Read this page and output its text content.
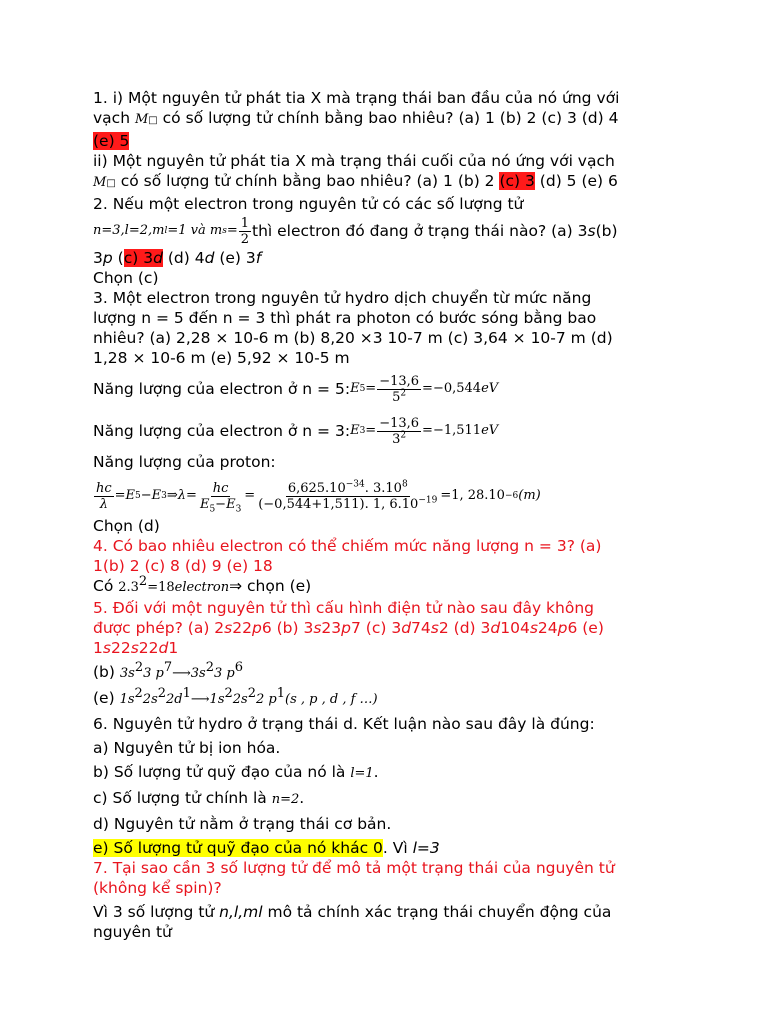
1. i) Một nguyên tử phát tia X mà trạng thái ban đầu của nó ứng với

vạch M□ có số lượng tử chính bằng bao nhiêu? (a) 1 (b) 2 (c) 3 (d) 4

(e) 5

ii) Một nguyên tử phát tia X mà trạng thái cuối của nó ứng với vạch

M□ có số lượng tử chính bằng bao nhiêu? (a) 1 (b) 2 (c) 3 (d) 5 (e) 6

2. Nếu một electron trong nguyên tử có các số lượng tử

n=3,l=2,m l =1 và m $s = \frac{1}{2}$ thì electron đó đang ở trạng thái nào? (a) 3 s (b)

3p (c) 3d (d) 4d (e) 3f

Chọn (c)

3. Một electron trong nguyên tử hydro dịch chuyển từ mức năng

lượng n = 5 đến n = 3 thì phát ra photon có bước sóng bằng bao

nhiêu? (a) 2,28 × 10-6 m (b) 8,20 ×3 10-7 m (c) 3,64 × 10-7 m (d)

1,28 × 10-6 m (e) 5,92 × 10-5 m

Năng lượng của electron ở n = 5: E $5 = \frac{-13,6}{5^2} =-0,544$ eV

Năng lượng của electron ở n = 3: E $3 = \frac{-13,6}{3^2} =-1,511$ eV

Năng lượng của proton:

$\frac{hc}{\lambda} =E$ 5 −E 3 ⇒λ= $\frac{hc}{E_5-E_3} = \frac{6,625.10^{-34}. 3.10^8}{(-0,544+1,511). 1, 6.10^{-19}} =1$, 28.10 −6 (m)

Chọn (d)

4. Có bao nhiêu electron có thể chiếm mức năng lượng n = 3? (a)

1(b) 2 (c) 8 (d) 9 (e) 18

Có $2.3^2=18electron\Rightarrow$ chọn (e)

5. Đối với một nguyên tử thì cấu hình điện tử nào sau đây không

được phép? (a) 2s22p6 (b) 3s23p7 (c) 3d74s2 (d) 3d104s24p6 (e)

1s22s22d1

(b) $3s^23$ $p^7⟶3s^23$ $p^6$

(e) $1s^22s^22d^1⟶1s^22s^22$ $p^1(s$ , p , d , f …)

6. Nguyên tử hydro ở trạng thái d. Kết luận nào sau đây là đúng:

a) Nguyên tử bị ion hóa.

b) Số lượng tử quỹ đạo của nó là l=1.

c) Số lượng tử chính là n=2.

d) Nguyên tử nằm ở trạng thái cơ bản.

e) Số lượng tử quỹ đạo của nó khác 0. Vì l=3

7. Tại sao cần 3 số lượng tử để mô tả một trạng thái của nguyên tử

(không kể spin)?

Vì 3 số lượng tử n,l,ml mô tả chính xác trạng thái chuyển động của

nguyên tử
